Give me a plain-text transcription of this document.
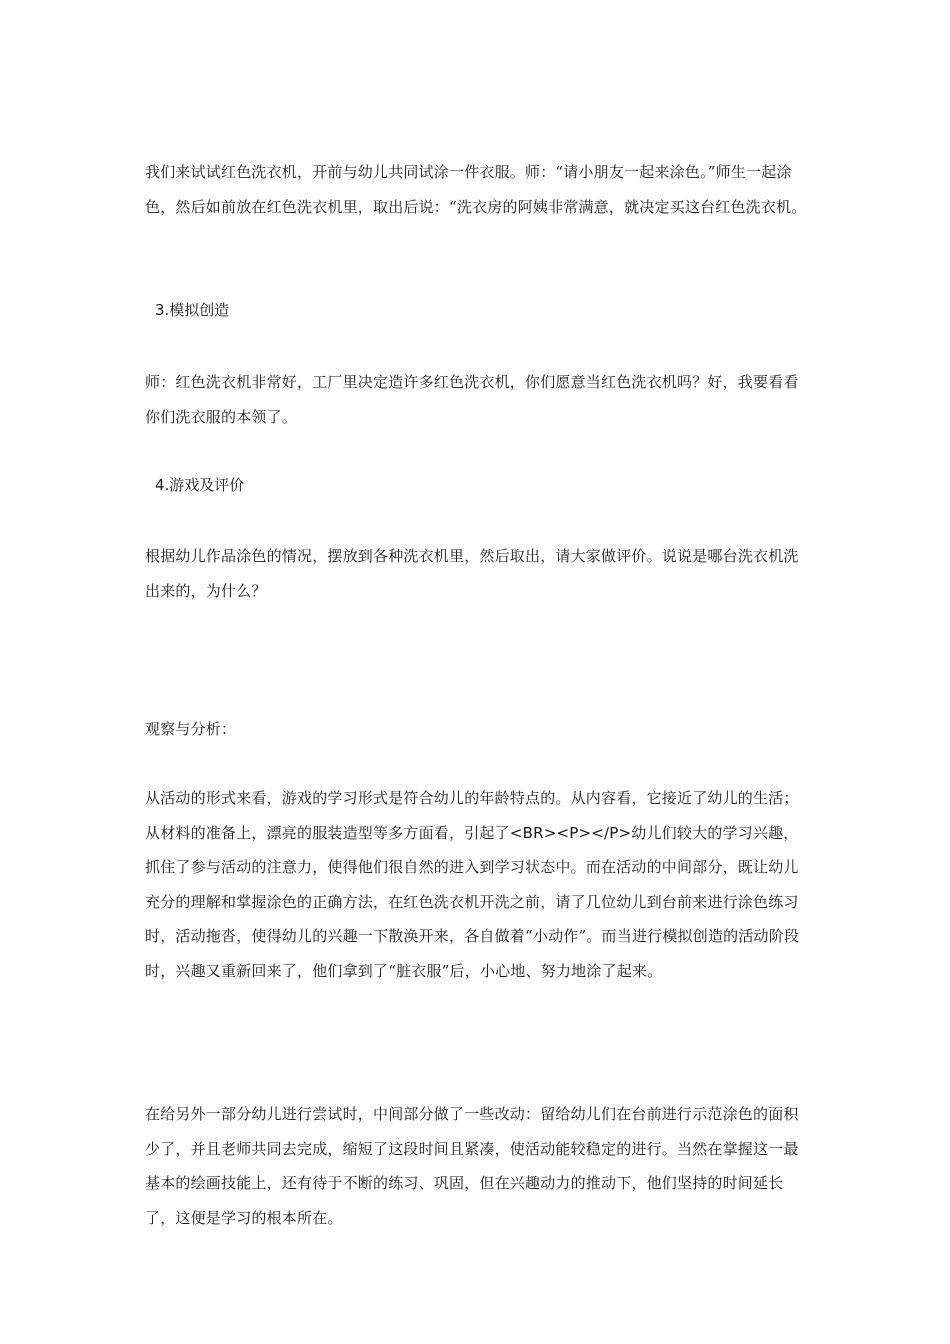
我们来试试红色洗衣机，开前与幼儿共同试涂一件衣服。师：“请小朋友一起来涂色。”师生一起涂色，然后如前放在红色洗衣机里，取出后说：“洗衣房的阿姨非常满意，就决定买这台红色洗衣机。

3.模拟创造

师：红色洗衣机非常好，工厂里决定造许多红色洗衣机，你们愿意当红色洗衣机吗？好，我要看看你们洗衣服的本领了。

4.游戏及评价

根据幼儿作品涂色的情况，摆放到各种洗衣机里，然后取出，请大家做评价。说说是哪台洗衣机洗出来的，为什么？

观察与分析：

从活动的形式来看，游戏的学习形式是符合幼儿的年龄特点的。从内容看，它接近了幼儿的生活；从材料的准备上，漂亮的服装造型等多方面看，引起了<BR><P></P>幼儿们较大的学习兴趣，抓住了参与活动的注意力，使得他们很自然的进入到学习状态中。而在活动的中间部分，既让幼儿充分的理解和掌握涂色的正确方法，在红色洗衣机开洗之前，请了几位幼儿到台前来进行涂色练习时，活动拖沓，使得幼儿的兴趣一下散涣开来，各自做着“小动作”。而当进行模拟创造的活动阶段时，兴趣又重新回来了，他们拿到了“脏衣服”后，小心地、努力地涂了起来。

在给另外一部分幼儿进行尝试时，中间部分做了一些改动：留给幼儿们在台前进行示范涂色的面积少了，并且老师共同去完成，缩短了这段时间且紧凑，使活动能较稳定的进行。当然在掌握这一最基本的绘画技能上，还有待于不断的练习、巩固，但在兴趣动力的推动下，他们坚持的时间延长了，这便是学习的根本所在。
